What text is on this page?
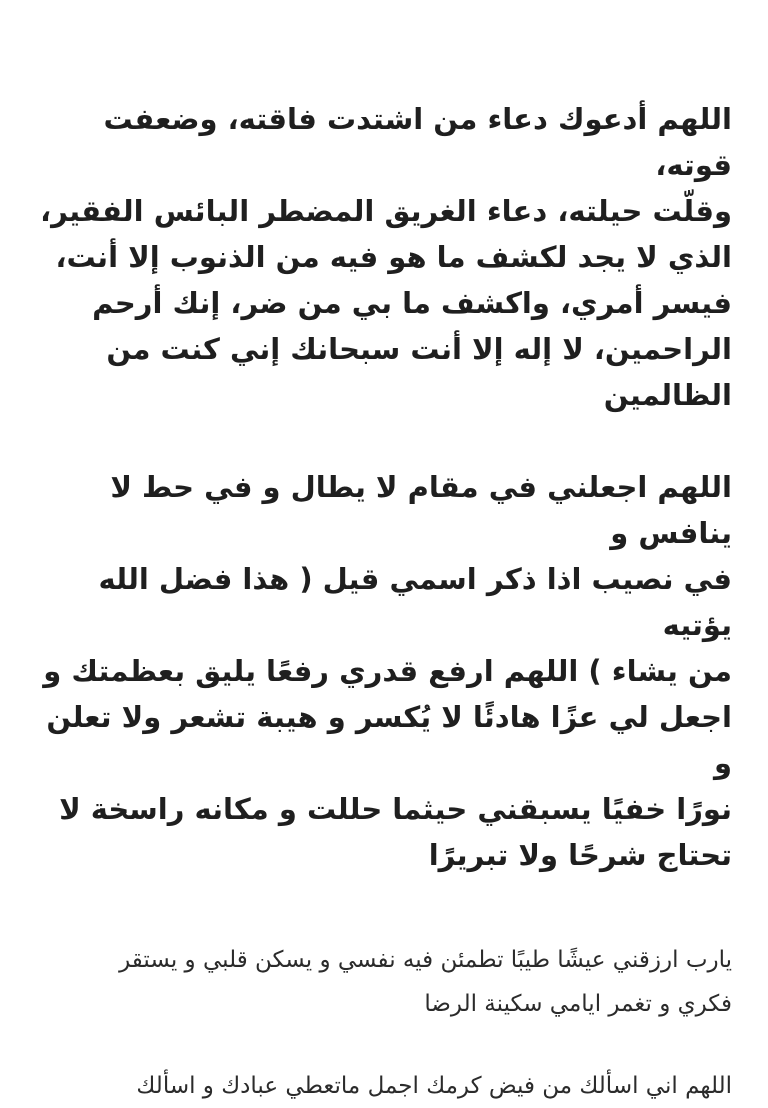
اللهم أدعوك دعاء من اشتدت فاقته، وضعفت قوته،
وقلّت حيلته، دعاء الغريق المضطر البائس الفقير،
الذي لا يجد لكشف ما هو فيه من الذنوب إلا أنت،
فيسر أمري، واكشف ما بي من ضر، إنك أرحم
الراحمين، لا إله إلا أنت سبحانك إني كنت من
الظالمين

اللهم اجعلني في مقام لا يطال و في حط لا ينافس و
في نصيب اذا ذكر اسمي قيل ( هذا فضل الله يؤتيه
من يشاء ) اللهم ارفع قدري رفعًا يليق بعظمتك و
اجعل لي عزًا هادئًا لا يُكسر و هيبة تشعر ولا تعلن و
نورًا خفيًا يسبقني حيثما حللت و مكانه راسخة لا
تحتاج شرحًا ولا تبريرًا

يارب ارزقني عيشًا طيبًا تطمئن فيه نفسي و يسكن قلبي و يستقر
فكري و تغمر ايامي سكينة الرضا

اللهم اني اسألك من فيض كرمك اجمل ماتعطي عبادك و اسألك
